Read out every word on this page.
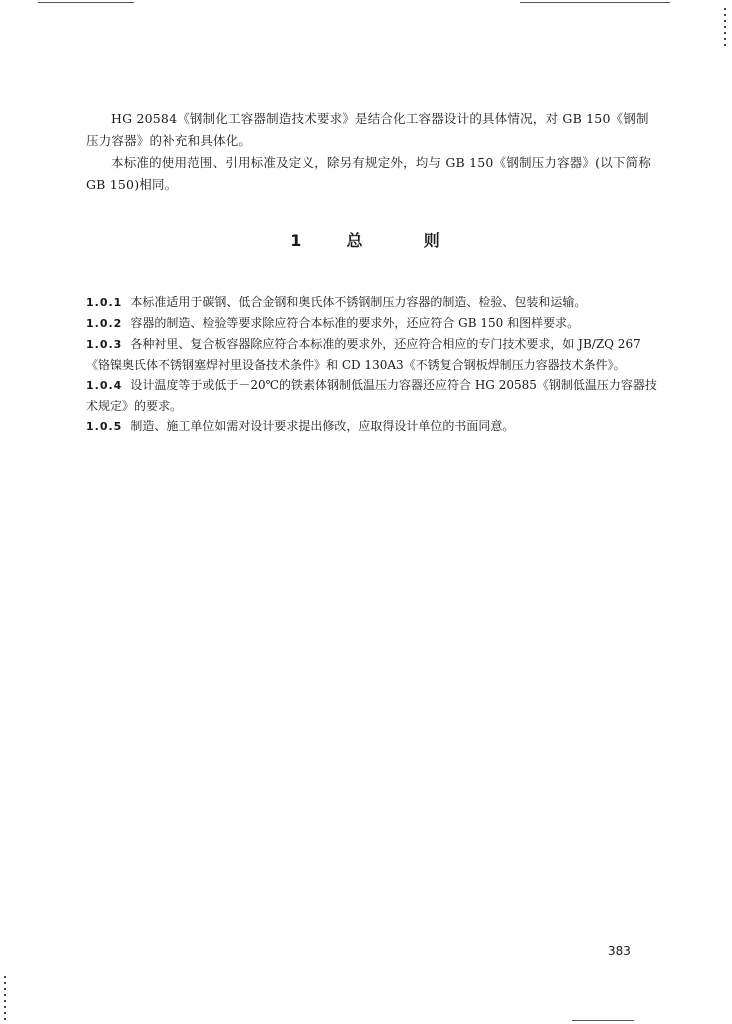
HG 20584《钢制化工容器制造技术要求》是结合化工容器设计的具体情况，对 GB 150《钢制压力容器》的补充和具体化。

本标准的使用范围、引用标准及定义，除另有规定外，均与 GB 150《钢制压力容器》(以下简称 GB 150)相同。

1	总	则

1.0.1 本标准适用于碳钢、低合金钢和奥氏体不锈钢制压力容器的制造、检验、包装和运输。

1.0.2 容器的制造、检验等要求除应符合本标准的要求外，还应符合 GB 150 和图样要求。

1.0.3 各种衬里、复合板容器除应符合本标准的要求外，还应符合相应的专门技术要求，如 JB/ZQ 267《铬镍奥氏体不锈钢塞焊衬里设备技术条件》和 CD 130A3《不锈复合钢板焊制压力容器技术条件》。

1.0.4 设计温度等于或低于－20℃的铁素体钢制低温压力容器还应符合 HG 20585《钢制低温压力容器技术规定》的要求。

1.0.5 制造、施工单位如需对设计要求提出修改，应取得设计单位的书面同意。

383
